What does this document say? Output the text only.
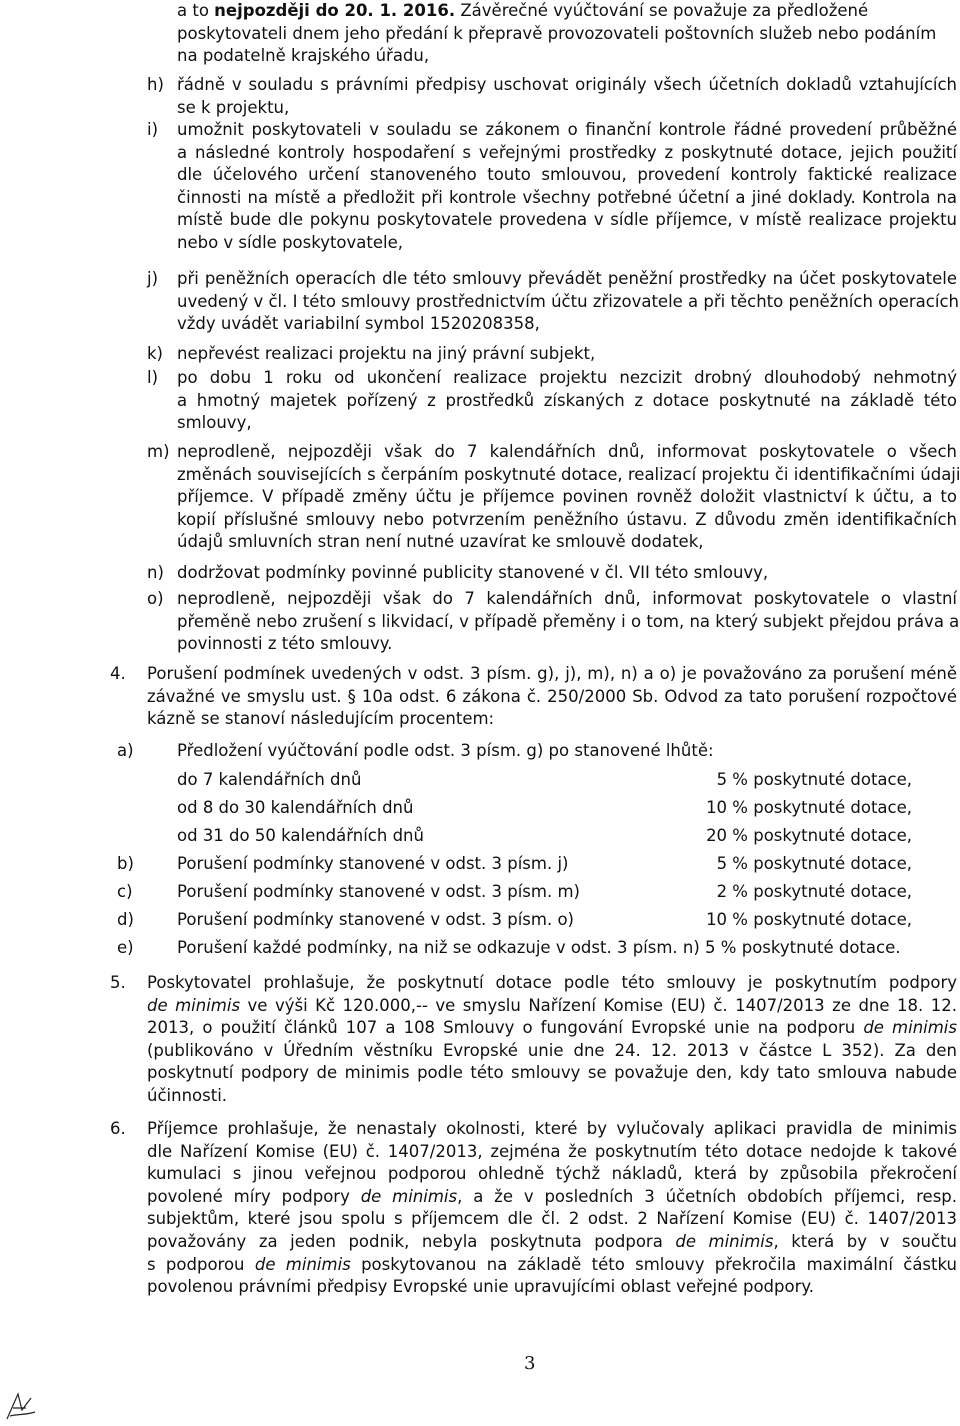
a to nejpozději do 20. 1. 2016. Závěrečné vyúčtování se považuje za předložené
poskytovateli dnem jeho předání k přepravě provozovateli poštovních služeb nebo podáním
na podatelně krajského úřadu,
h) řádně v souladu s právními předpisy uschovat originály všech účetních dokladů vztahujících
se k projektu,
i) umožnit poskytovateli v souladu se zákonem o finanční kontrole řádné provedení průběžné
a následné kontroly hospodaření s veřejnými prostředky z poskytnuté dotace, jejich použití
dle účelového určení stanoveného touto smlouvou, provedení kontroly faktické realizace
činnosti na místě a předložit při kontrole všechny potřebné účetní a jiné doklady. Kontrola na
místě bude dle pokynu poskytovatele provedena v sídle příjemce, v místě realizace projektu
nebo v sídle poskytovatele,
j) při peněžních operacích dle této smlouvy převádět peněžní prostředky na účet poskytovatele
uvedený v čl. I této smlouvy prostřednictvím účtu zřizovatele a při těchto peněžních operacích
vždy uvádět variabilní symbol 1520208358,
k) nepřevést realizaci projektu na jiný právní subjekt,
l) po dobu 1 roku od ukončení realizace projektu nezcizit drobný dlouhodobý nehmotný
a hmotný majetek pořízený z prostředků získaných z dotace poskytnuté na základě této
smlouvy,
m) neprodleně, nejpozději však do 7 kalendářních dnů, informovat poskytovatele o všech
změnách souvisejících s čerpáním poskytnuté dotace, realizací projektu či identifikačními údaji
příjemce. V případě změny účtu je příjemce povinen rovněž doložit vlastnictví k účtu, a to
kopií příslušné smlouvy nebo potvrzením peněžního ústavu. Z důvodu změn identifikačních
údajů smluvních stran není nutné uzavírat ke smlouvě dodatek,
n) dodržovat podmínky povinné publicity stanovené v čl. VII této smlouvy,
o) neprodleně, nejpozději však do 7 kalendářních dnů, informovat poskytovatele o vlastní
přeměně nebo zrušení s likvidací, v případě přeměny i o tom, na který subjekt přejdou práva a
povinnosti z této smlouvy.
4. Porušení podmínek uvedených v odst. 3 písm. g), j), m), n) a o) je považováno za porušení méně
závažné ve smyslu ust. § 10a odst. 6 zákona č. 250/2000 Sb. Odvod za tato porušení rozpočtové
kázně se stanoví následujícím procentem:
a)	Předložení vyúčtování podle odst. 3 písm. g) po stanovené lhůtě:
do 7 kalendářních dnů	5 % poskytnuté dotace,
od 8 do 30 kalendářních dnů	10 % poskytnuté dotace,
od 31 do 50 kalendářních dnů	20 % poskytnuté dotace,
b)	Porušení podmínky stanovené v odst. 3 písm. j)	5 % poskytnuté dotace,
c)	Porušení podmínky stanovené v odst. 3 písm. m)	2 % poskytnuté dotace,
d)	Porušení podmínky stanovené v odst. 3 písm. o)	10 % poskytnuté dotace,
e)	Porušení každé podmínky, na niž se odkazuje v odst. 3 písm. n) 5 % poskytnuté dotace.
5. Poskytovatel prohlašuje, že poskytnutí dotace podle této smlouvy je poskytnutím podpory
de minimis ve výši Kč 120.000,-- ve smyslu Nařízení Komise (EU) č. 1407/2013 ze dne 18. 12.
2013, o použití článků 107 a 108 Smlouvy o fungování Evropské unie na podporu de minimis
(publikováno v Úředním věstníku Evropské unie dne 24. 12. 2013 v částce L 352). Za den
poskytnutí podpory de minimis podle této smlouvy se považuje den, kdy tato smlouva nabude
účinnosti.
6. Příjemce prohlašuje, že nenastaly okolnosti, které by vylučovaly aplikaci pravidla de minimis
dle Nařízení Komise (EU) č. 1407/2013, zejména že poskytnutím této dotace nedojde k takové
kumulaci s jinou veřejnou podporou ohledně týchž nákladů, která by způsobila překročení
povolené míry podpory de minimis, a že v posledních 3 účetních obdobích příjemci, resp.
subjektům, které jsou spolu s příjemcem dle čl. 2 odst. 2 Nařízení Komise (EU) č. 1407/2013
považovány za jeden podnik, nebyla poskytnuta podpora de minimis, která by v součtu
s podporou de minimis poskytovanou na základě této smlouvy překročila maximální částku
povolenou právními předpisy Evropské unie upravujícími oblast veřejné podpory.
3
